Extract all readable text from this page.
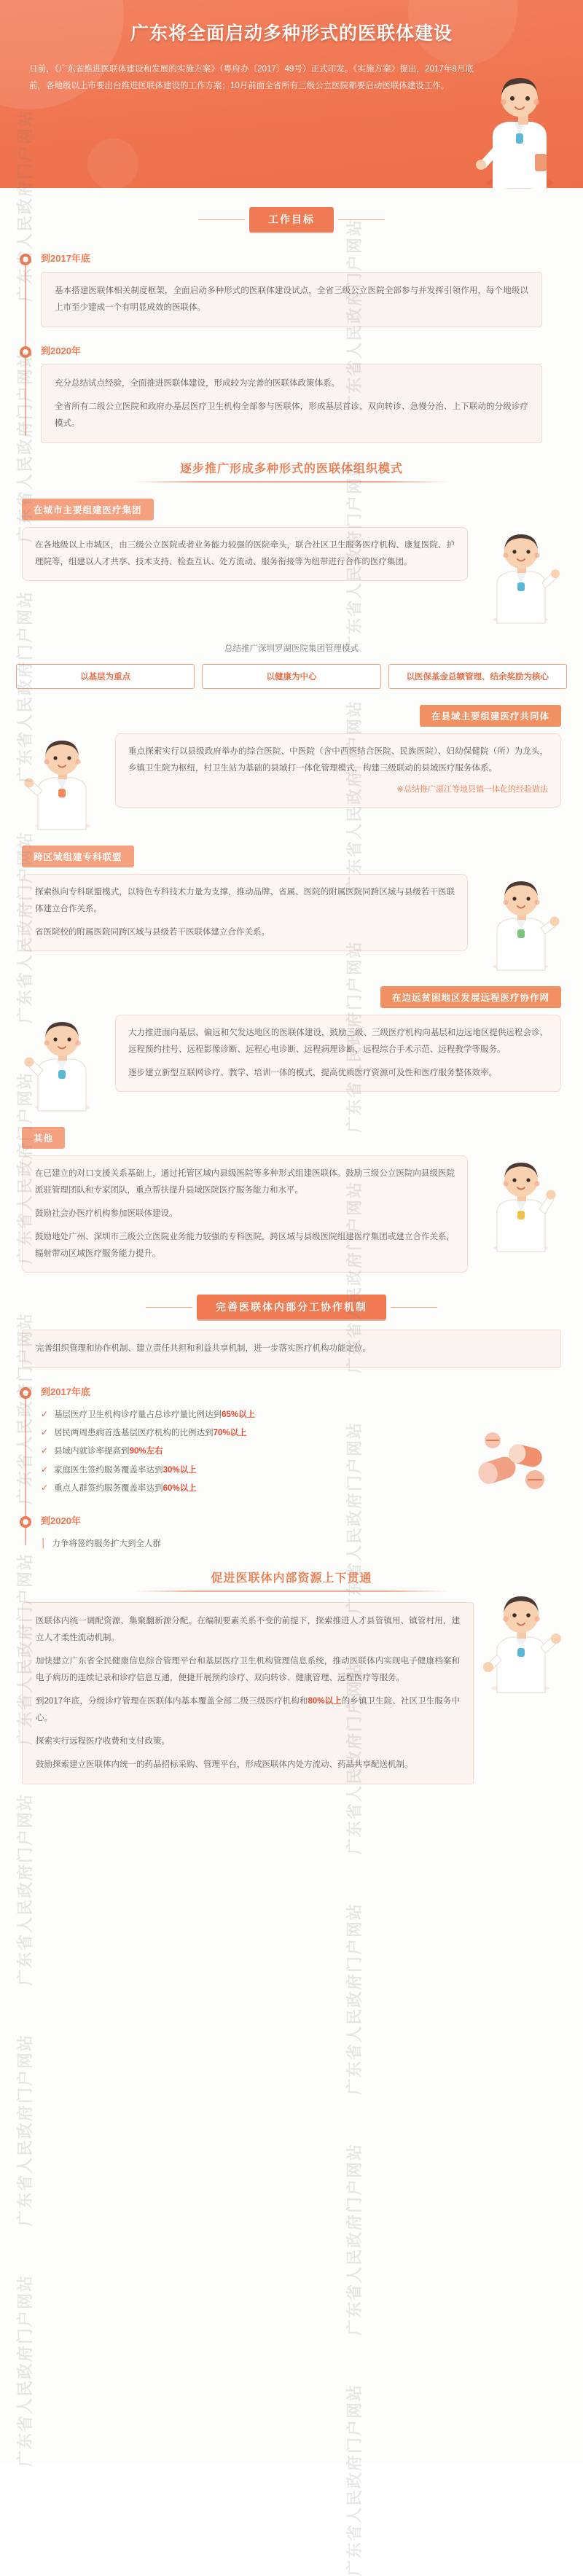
广东省人民政府门户网站
广东省人民政府门户网站
广东省人民政府门户网站
广东省人民政府门户网站
广东省人民政府门户网站
广东省人民政府门户网站
广东省人民政府门户网站
广东省人民政府门户网站
广东省人民政府门户网站
广东省人民政府门户网站
广东省人民政府门户网站
广东将全面启动多种形式的医联体建设
日前，《广东省推进医联体建设和发展的实施方案》（粤府办〔2017〕49号）正式印发。《实施方案》提出，2017年8月底前，各地级以上市要出台推进医联体建设的工作方案；10月前面全省所有三级公立医院都要启动医联体建设工作。
工作目标
到2017年底

基本搭建医联体相关制度框架，全面启动多种形式的医联体建设试点，全省三级公立医院全部参与并发挥引领作用，每个地级以上市至少建成一个有明显成效的医联体。

到2020年

充分总结试点经验，全面推进医联体建设，形成较为完善的医联体政策体系。

全省所有二级公立医院和政府办基层医疗卫生机构全部参与医联体，形成基层首诊、双向转诊、急慢分治、上下联动的分级诊疗模式。

逐步推广形成多种形式的医联体组织模式
在城市主要组建医疗集团

在各地级以上市城区，由三级公立医院或者业务能力较强的医院牵头，联合社区卫生服务医疗机构、康复医院、护理院等，组建以人才共享、技术支持、检查互认、处方流动、服务衔接等为纽带进行合作的医疗集团。

总结推广深圳罗湖医院集团管理模式
以基层为重点	以健康为中心	以医保基金总额管理、结余奖励为核心
在县域主要组建医疗共同体

重点探索实行以县级政府举办的综合医院、中医院（含中西医结合医院、民族医院）、妇幼保健院（所）为龙头，乡镇卫生院为枢纽，村卫生站为基础的县域打一体化管理模式，构建三级联动的县域医疗服务体系。

※总结推广湛江等地县镇一体化的经验做法
跨区域组建专科联盟

探索纵向专科联盟模式，以特色专科技术力量为支撑，推动品牌、省属、医院的附属医院同跨区域与县级若干医联体建立合作关系。

省医院校的附属医院同跨区域与县级若干医联体建立合作关系。

在边远贫困地区发展远程医疗协作网

大力推进面向基层、偏远和欠发达地区的医联体建设，鼓励三级、三级医疗机构向基层和边远地区提供远程会诊、远程预约挂号、远程影像诊断、远程心电诊断、远程病理诊断、远程综合手术示范、远程教学等服务。

逐步建立新型互联网诊疗、教学、培训一体的模式，提高优质医疗资源可及性和医疗服务整体效率。

其他

在已建立的对口支援关系基础上，通过托管区域内县级医院等多种形式组建医联体。鼓励三级公立医院向县级医院派驻管理团队和专家团队，重点帮扶提升县域医院医疗服务能力和水平。

鼓励社会办医疗机构参加医联体建设。

鼓励地处广州、深圳市三级公立医院业务能力较强的专科医院，跨区域与县级医院组建医疗集团或建立合作关系，辐射带动区域医疗服务能力提升。

完善医联体内部分工协作机制

完善组织管理和协作机制、建立责任共担和利益共享机制，进一步落实医疗机构功能定位。

到2017年底
✓ 基层医疗卫生机构诊疗量占总诊疗量比例达到65%以上
✓ 居民两周患病首选基层医疗机构的比例达到70%以上
✓ 县域内就诊率提高到90%左右
✓ 家庭医生签约服务覆盖率达到30%以上
✓ 重点人群签约服务覆盖率达到60%以上
到2020年
│ 力争将签约服务扩大到全人群
促进医联体内部资源上下贯通

医联体内统一调配资源、集聚翻新源分配。在编制要素关系不变的前提下，探索推进人才县管镇用、镇管村用，建立人才柔性流动机制。

加快建立广东省全民健康信息综合管理平台和基层医疗卫生机构管理信息系统，推动医联体内实现电子健康档案和电子病历的连续记录和诊疗信息互通，便捷开展预约诊疗、双向转诊、健康管理、远程医疗等服务。

到2017年底，分级诊疗管理在医联体内基本覆盖全部二级三级医疗机构和80%以上的乡镇卫生院、社区卫生服务中心。

探索实行远程医疗收费和支付政策。

鼓励探索建立医联体内统一的药品招标采购、管理平台，形成医联体内处方流动、药品共享配送机制。
